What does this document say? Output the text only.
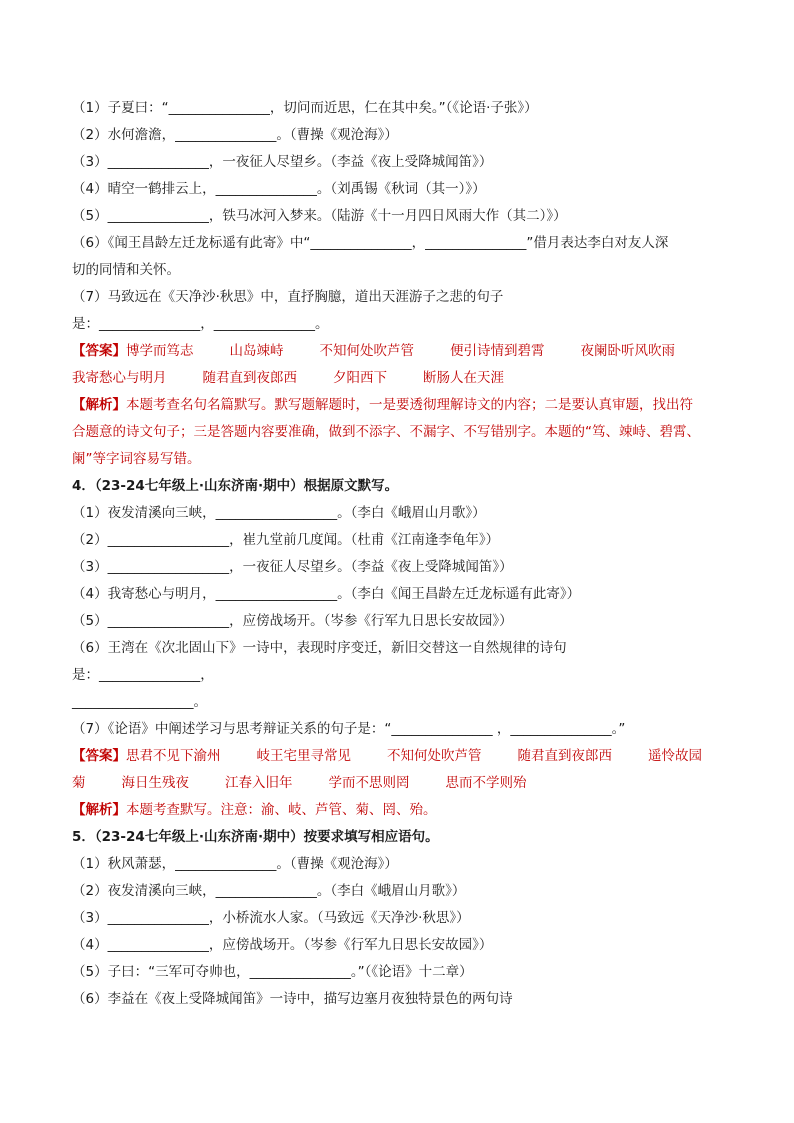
（1）子夏曰：“_______________，切问而近思，仁在其中矣。”（《论语·子张》）
（2）水何澹澹，_______________。（曹操《观沧海》）
（3）_______________，一夜征人尽望乡。（李益《夜上受降城闻笛》）
（4）晴空一鹤排云上，_______________。（刘禹锡《秋词（其一）》）
（5）_______________，铁马冰河入梦来。（陆游《十一月四日风雨大作（其二）》）
（6）《闻王昌龄左迁龙标遥有此寄》中“_______________，_______________”借月表达李白对友人深
切的同情和关怀。
（7）马致远在《天净沙·秋思》中，直抒胸臆，道出天涯游子之悲的句子
是：_______________，_______________。
【答案】博学而笃志	山岛竦峙	不知何处吹芦管	便引诗情到碧霄	夜阑卧听风吹雨
我寄愁心与明月	随君直到夜郎西	夕阳西下	断肠人在天涯
【解析】本题考查名句名篇默写。默写题解题时，一是要透彻理解诗文的内容；二是要认真审题，找出符
合题意的诗文句子；三是答题内容要准确，做到不添字、不漏字、不写错别字。本题的“笃、竦峙、碧霄、
阑”等字词容易写错。
4．（23-24七年级上·山东济南·期中）根据原文默写。
（1）夜发清溪向三峡，__________________。（李白《峨眉山月歌》）
（2）__________________，崔九堂前几度闻。（杜甫《江南逢李龟年》）
（3）__________________，一夜征人尽望乡。（李益《夜上受降城闻笛》）
（4）我寄愁心与明月，__________________。（李白《闻王昌龄左迁龙标遥有此寄》）
（5）__________________，应傍战场开。（岑参《行军九日思长安故园》）
（6）王湾在《次北固山下》一诗中，表现时序变迁，新旧交替这一自然规律的诗句
是：_______________，
__________________。
（7）《论语》中阐述学习与思考辩证关系的句子是：“_______________ ，_______________。”
【答案】思君不见下渝州	岐王宅里寻常见	不知何处吹芦管	随君直到夜郎西	遥怜故园
菊	海日生残夜	江春入旧年	学而不思则罔	思而不学则殆
【解析】本题考查默写。注意：渝、岐、芦管、菊、罔、殆。
5．（23-24七年级上·山东济南·期中）按要求填写相应语句。
（1）秋风萧瑟，_______________。（曹操《观沧海》）
（2）夜发清溪向三峡，_______________。（李白《峨眉山月歌》）
（3）_______________，小桥流水人家。（马致远《天净沙·秋思》）
（4）_______________，应傍战场开。（岑参《行军九日思长安故园》）
（5）子曰：“三军可夺帅也，_______________。”（《论语》十二章）
（6）李益在《夜上受降城闻笛》一诗中，描写边塞月夜独特景色的两句诗
